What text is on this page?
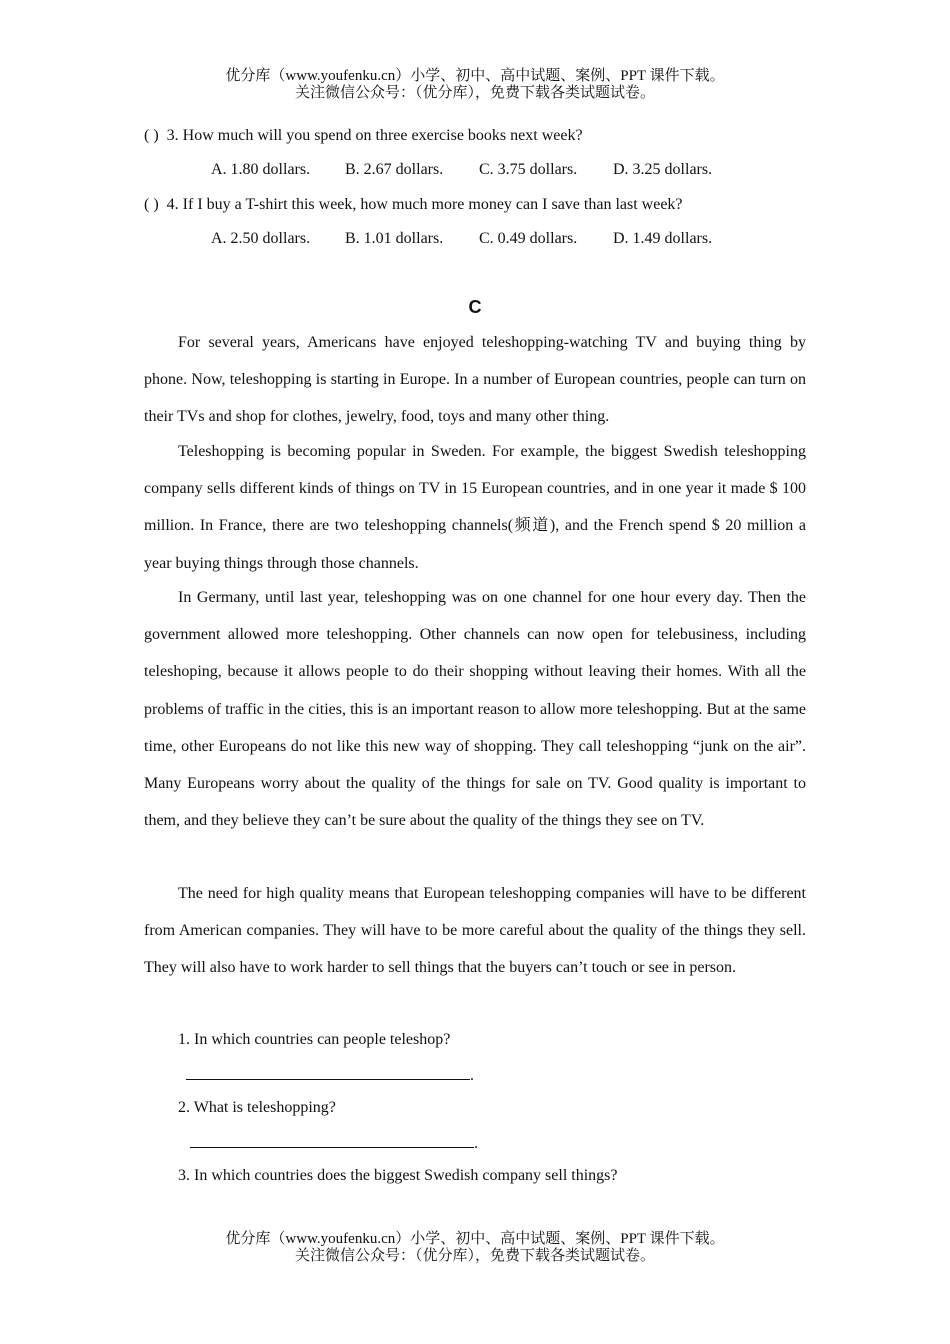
优分库（www.youfenku.cn）小学、初中、高中试题、案例、PPT 课件下载。
关注微信公众号：（优分库），免费下载各类试题试卷。
( ) 3. How much will you spend on three exercise books next week?
A. 1.80 dollars. B. 2.67 dollars. C. 3.75 dollars. D. 3.25 dollars.
( ) 4. If I buy a T-shirt this week, how much more money can I save than last week?
A. 2.50 dollars. B. 1.01 dollars. C. 0.49 dollars. D. 1.49 dollars.
C

For several years, Americans have enjoyed teleshopping-watching TV and buying thing by phone. Now, teleshopping is starting in Europe. In a number of European countries, people can turn on their TVs and shop for clothes, jewelry, food, toys and many other thing.

Teleshopping is becoming popular in Sweden. For example, the biggest Swedish teleshopping company sells different kinds of things on TV in 15 European countries, and in one year it made $ 100 million. In France, there are two teleshopping channels(频道), and the French spend $ 20 million a year buying things through those channels.

In Germany, until last year, teleshopping was on one channel for one hour every day. Then the government allowed more teleshopping. Other channels can now open for telebusiness, including teleshoping, because it allows people to do their shopping without leaving their homes. With all the problems of traffic in the cities, this is an important reason to allow more teleshopping. But at the same time, other Europeans do not like this new way of shopping. They call teleshopping “junk on the air”. Many Europeans worry about the quality of the things for sale on TV. Good quality is important to them, and they believe they can’t be sure about the quality of the things they see on TV.

The need for high quality means that European teleshopping companies will have to be different from American companies. They will have to be more careful about the quality of the things they sell. They will also have to work harder to sell things that the buyers can’t touch or see in person.

1. In which countries can people teleshop?
.
2. What is teleshopping?
.
3. In which countries does the biggest Swedish company sell things?
优分库（www.youfenku.cn）小学、初中、高中试题、案例、PPT 课件下载。
关注微信公众号：（优分库），免费下载各类试题试卷。
